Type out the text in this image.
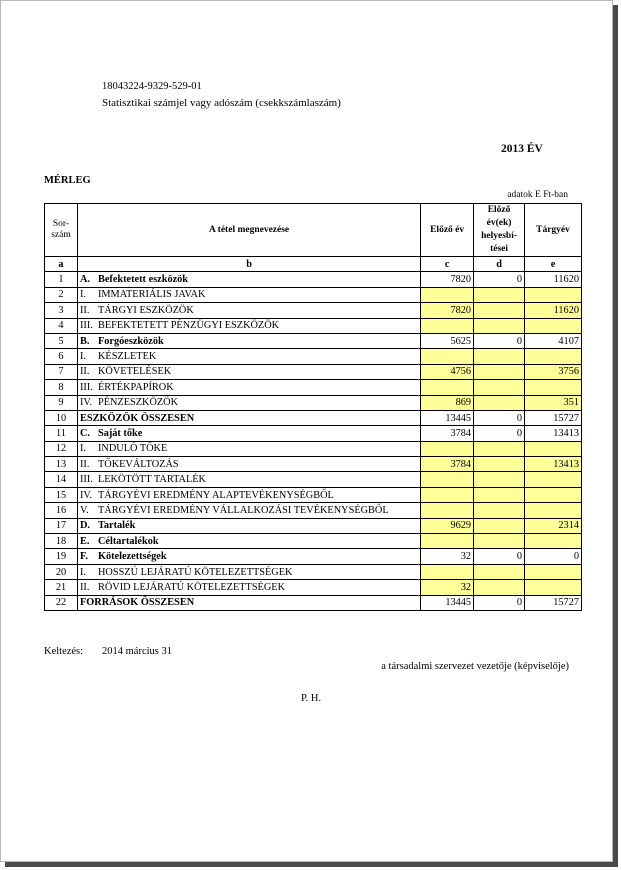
18043224-9329-529-01
Statisztikai számjel vagy adószám (csekkszámlaszám)
2013 ÉV
MÉRLEG
adatok E Ft-ban
Sor-
szám	A tétel megnevezése	Előző év	Előző
év(ek)
helyesbí-
tései	Tárgyév
a	b	c	d	e
1	A. Befektetett eszközök	7820	0	11620
2	I. IMMATERIÁLIS JAVAK			
3	II. TÁRGYI ESZKÖZÖK	7820		11620
4	III. BEFEKTETETT PÉNZÜGYI ESZKÖZÖK			
5	B. Forgóeszközök	5625	0	4107
6	I. KÉSZLETEK			
7	II. KÖVETELÉSEK	4756		3756
8	III. ÉRTÉKPAPÍROK			
9	IV. PÉNZESZKÖZÖK	869		351
10	ESZKÖZÖK ÖSSZESEN	13445	0	15727
11	C. Saját tőke	3784	0	13413
12	I. INDULÓ TŐKE			
13	II. TŐKEVÁLTOZÁS	3784		13413
14	III. LEKÖTÖTT TARTALÉK			
15	IV. TÁRGYÉVI EREDMÉNY ALAPTEVÉKENYSÉGBŐL			
16	V. TÁRGYÉVI EREDMÉNY VÁLLALKOZÁSI TEVÉKENYSÉGBŐL			
17	D. Tartalék	9629		2314
18	E. Céltartalékok			
19	F. Kötelezettségek	32	0	0
20	I. HOSSZÚ LEJÁRATÚ KÖTELEZETTSÉGEK			
21	II. RÖVID LEJÁRATÚ KÖTELEZETTSÉGEK	32		
22	FORRÁSOK ÖSSZESEN	13445	0	15727
Keltezés: 2014 március 31
a társadalmi szervezet vezetője (képviselője)
P. H.
